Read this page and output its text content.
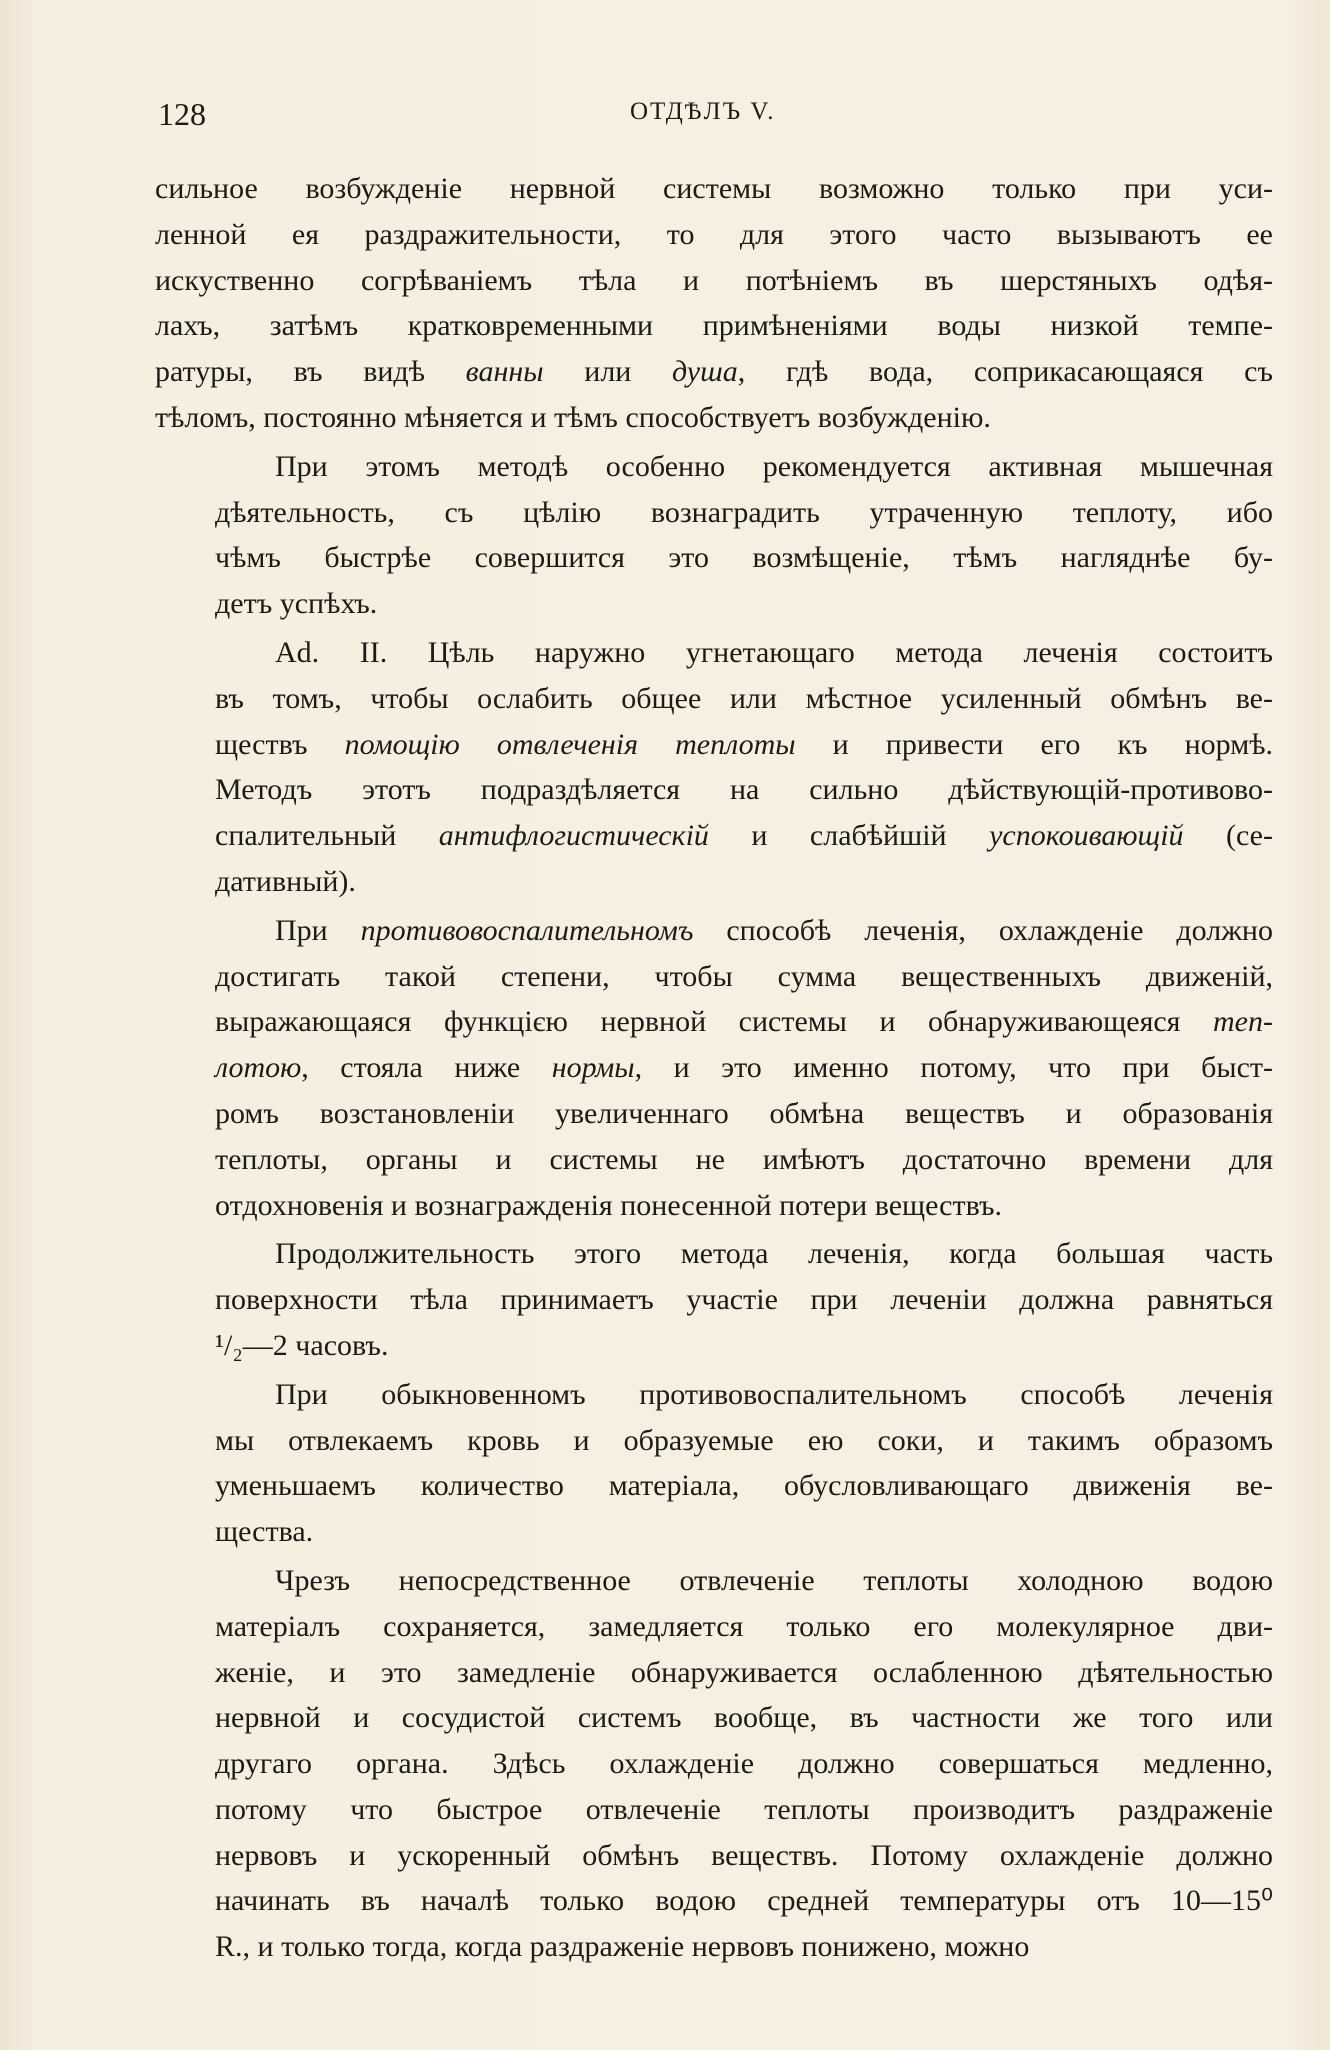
128	ОТДѢЛЪ V.
сильное возбужденіе нервной системы возможно только при уси-
ленной ея раздражительности, то для этого часто вызываютъ ее
искуственно согрѣваніемъ тѣла и потѣніемъ въ шерстяныхъ одѣя-
лахъ, затѣмъ кратковременными примѣненіями воды низкой темпе-
ратуры, въ видѣ ванны или душа, гдѣ вода, соприкасающаяся съ
тѣломъ, постоянно мѣняется и тѣмъ способствуетъ возбужденію.
При этомъ методѣ особенно рекомендуется активная мышечная
дѣятельность, съ цѣлію вознаградить утраченную теплоту, ибо
чѣмъ быстрѣе совершится это возмѣщеніе, тѣмъ нагляднѣе бу-
детъ успѣхъ.
Ad. II. Цѣль наружно угнетающаго метода леченія состоитъ
въ томъ, чтобы ослабить общее или мѣстное усиленный обмѣнъ ве-
ществъ помощію отвлеченія теплоты и привести его къ нормѣ.
Методъ этотъ подраздѣляется на сильно дѣйствующій-противово-
спалительный антифлогистическій и слабѣйшій успокоивающій (се-
дативный).
При противовоспалительномъ способѣ леченія, охлажденіе должно
достигать такой степени, чтобы сумма вещественныхъ движеній,
выражающаяся функцією нервной системы и обнаруживающеяся теп-
лотою, стояла ниже нормы, и это именно потому, что при быст-
ромъ возстановленіи увеличеннаго обмѣна веществъ и образованія
теплоты, органы и системы не имѣютъ достаточно времени для
отдохновенія и вознагражденія понесенной потери веществъ.
Продолжительность этого метода леченія, когда большая часть
поверхности тѣла принимаетъ участіе при леченіи должна равняться
¹/₂—2 часовъ.
При обыкновенномъ противовоспалительномъ способѣ леченія
мы отвлекаемъ кровь и образуемые ею соки, и такимъ образомъ
уменьшаемъ количество матеріала, обусловливающаго движенія ве-
щества.
Чрезъ непосредственное отвлеченіе теплоты холодною водою
матеріалъ сохраняется, замедляется только его молекулярное дви-
женіе, и это замедленіе обнаруживается ослабленною дѣятельностью
нервной и сосудистой системъ вообще, въ частности же того или
другаго органа. Здѣсь охлажденіе должно совершаться медленно,
потому что быстрое отвлеченіе теплоты производитъ раздраженіе
нервовъ и ускоренный обмѣнъ веществъ. Потому охлажденіе должно
начинать въ началѣ только водою средней температуры отъ 10—15⁰
R., и только тогда, когда раздраженіе нервовъ понижено, можно
